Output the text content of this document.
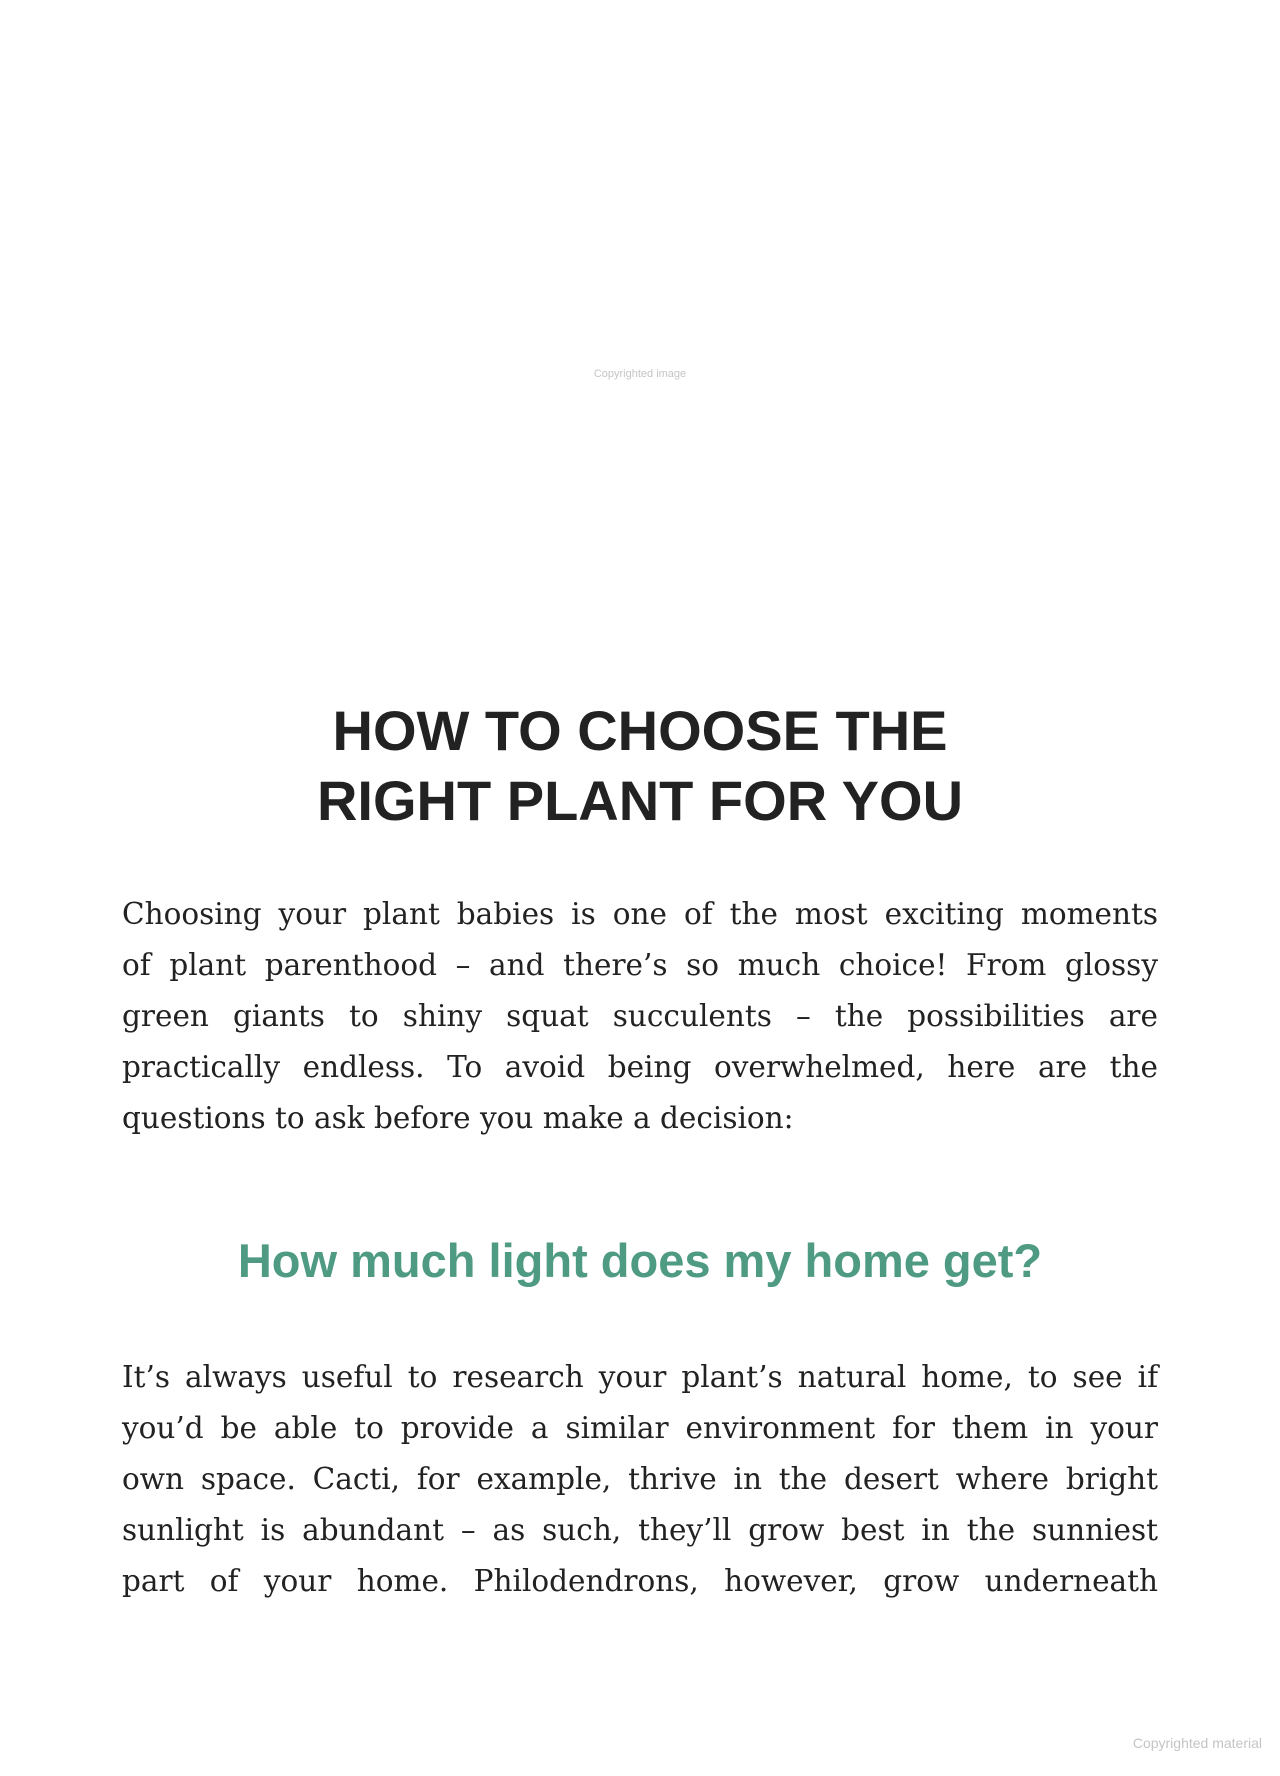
Copyrighted image
HOW TO CHOOSE THE
RIGHT PLANT FOR YOU

Choosing your plant babies is one of the most exciting moments
of plant parenthood – and there’s so much choice! From glossy
green giants to shiny squat succulents – the possibilities are
practically endless. To avoid being overwhelmed, here are the
questions to ask before you make a decision:

How much light does my home get?

It’s always useful to research your plant’s natural home, to see if
you’d be able to provide a similar environment for them in your
own space. Cacti, for example, thrive in the desert where bright
sunlight is abundant – as such, they’ll grow best in the sunniest
part of your home. Philodendrons, however, grow underneath

Copyrighted material
